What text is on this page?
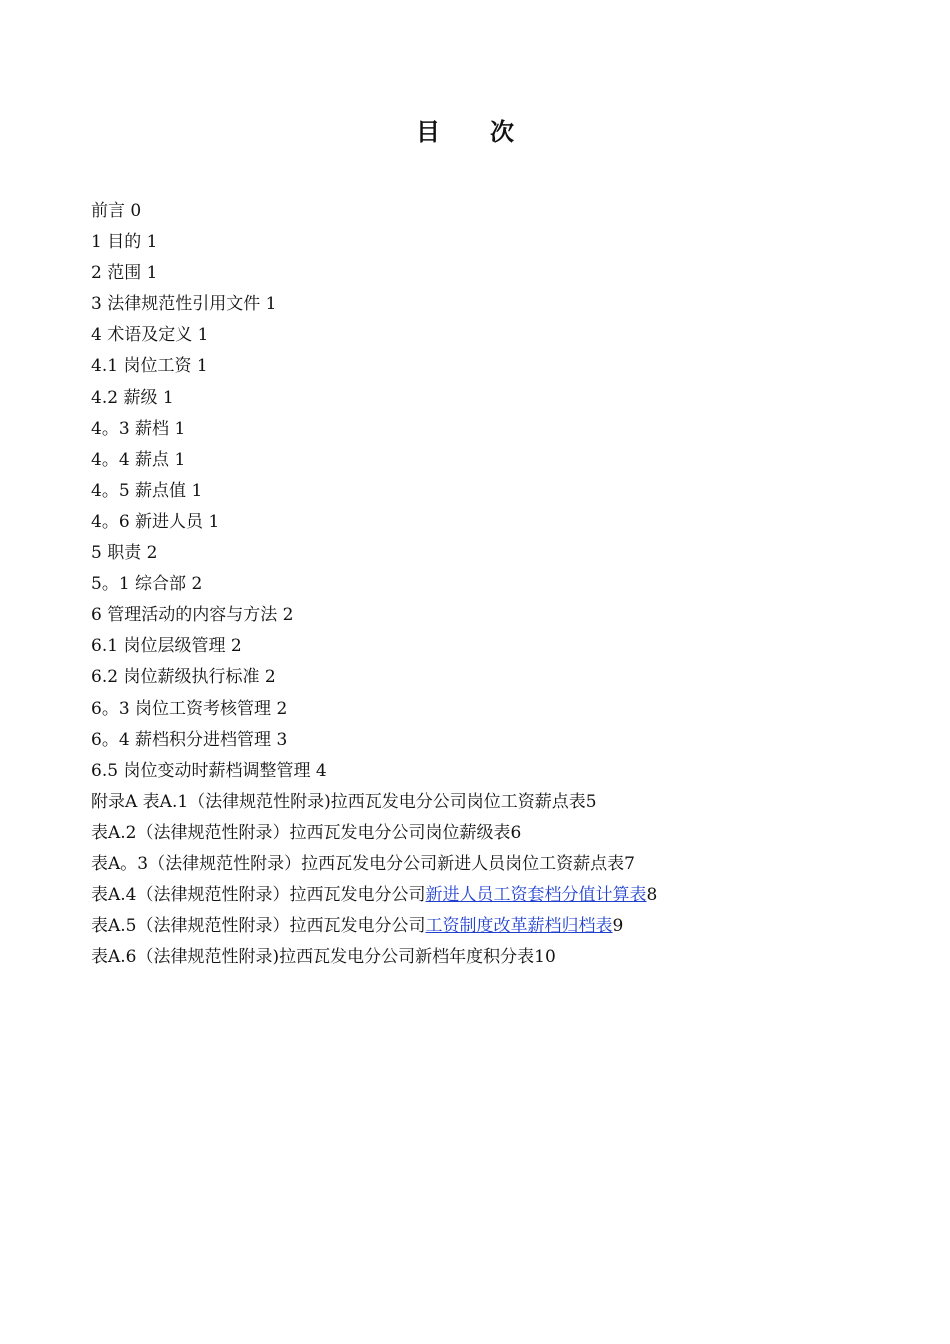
目 次
前言 0
1 目的 1
2 范围 1
3 法律规范性引用文件 1
4 术语及定义 1
4.1 岗位工资 1
4.2 薪级 1
4。3 薪档 1
4。4 薪点 1
4。5 薪点值 1
4。6 新进人员 1
5 职责 2
5。1 综合部 2
6 管理活动的内容与方法 2
6.1 岗位层级管理 2
6.2 岗位薪级执行标准 2
6。3 岗位工资考核管理 2
6。4 薪档积分进档管理 3
6.5 岗位变动时薪档调整管理 4
附录A 表A.1（法律规范性附录)拉西瓦发电分公司岗位工资薪点表5
表A.2（法律规范性附录）拉西瓦发电分公司岗位薪级表6
表A。3（法律规范性附录）拉西瓦发电分公司新进人员岗位工资薪点表7
表A.4（法律规范性附录）拉西瓦发电分公司新进人员工资套档分值计算表8
表A.5（法律规范性附录）拉西瓦发电分公司工资制度改革薪档归档表9
表A.6（法律规范性附录)拉西瓦发电分公司新档年度积分表10
